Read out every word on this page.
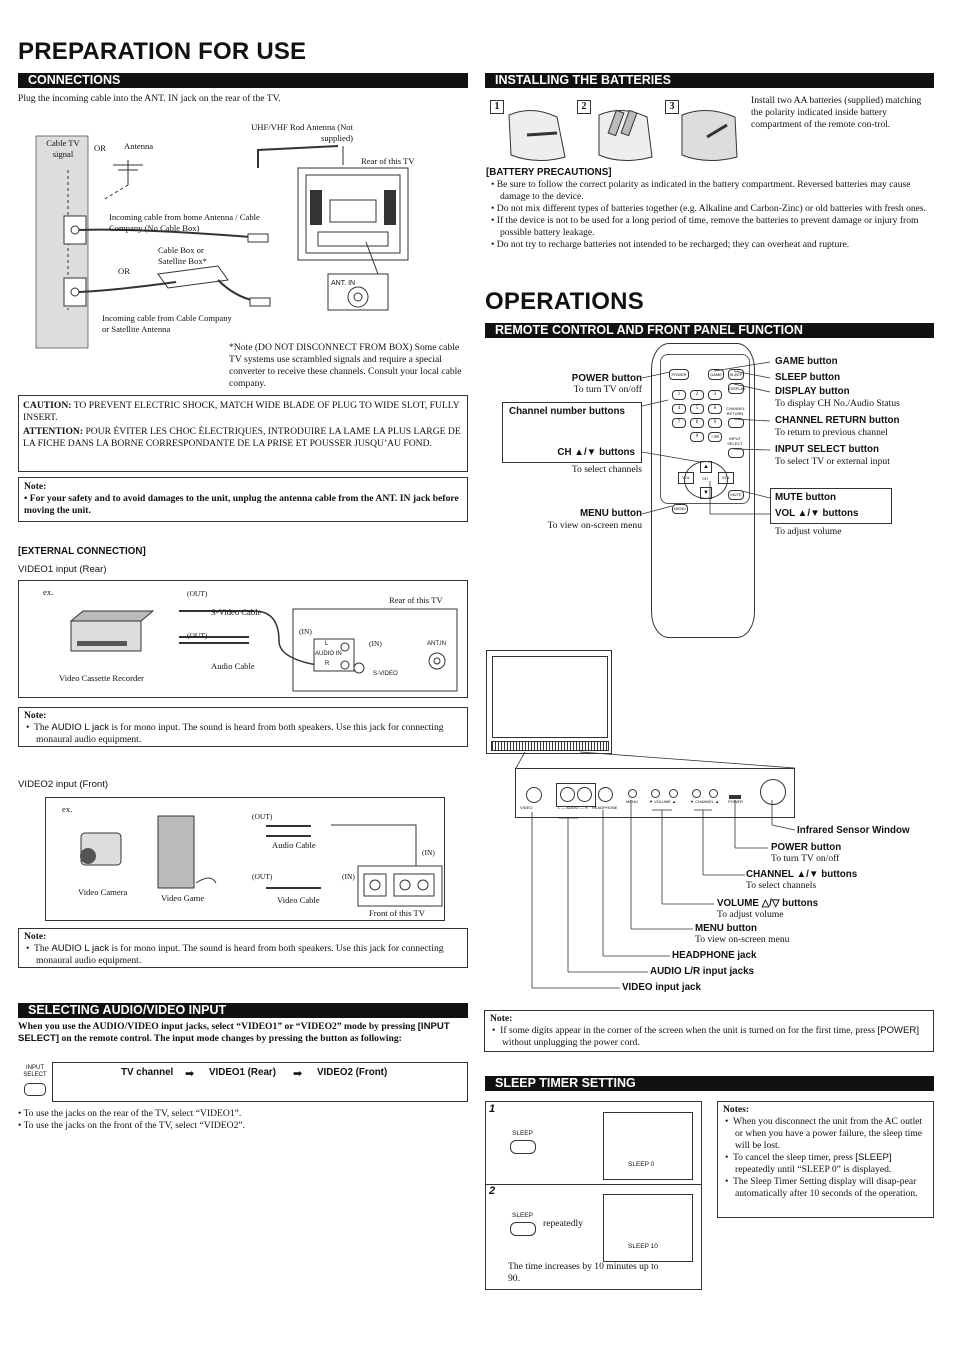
PREPARATION FOR USE
CONNECTIONS
Plug the incoming cable into the ANT. IN jack on the rear of the TV.
Cable TV signal
OR Antenna
UHF/VHF Rod Antenna (Not supplied)
Rear of this TV
Incoming cable from home Antenna / Cable Company (No Cable Box)
Cable Box or Satellite Box*
OR
Incoming cable from Cable Company or Satellite Antenna
ANT. IN
*Note (DO NOT DISCONNECT FROM BOX) Some cable TV systems use scrambled signals and require a special converter to receive these channels. Consult your local cable company.
CAUTION: TO PREVENT ELECTRIC SHOCK, MATCH WIDE BLADE OF PLUG TO WIDE SLOT, FULLY INSERT.
ATTENTION: POUR ÉVITER LES CHOC ÉLECTRIQUES, INTRODUIRE LA LAME LA PLUS LARGE DE LA FICHE DANS LA BORNE CORRESPONDANTE DE LA PRISE ET POUSSER JUSQU’AU FOND.
Note:
• For your safety and to avoid damages to the unit, unplug the antenna cable from the ANT. IN jack before moving the unit.
[EXTERNAL CONNECTION]
VIDEO1 input (Rear)
ex.	(OUT)
S-Video Cable
Rear of this TV
(OUT)	(IN)
(IN)	ANT.IN
Audio Cable
L
AUDIO IN
R
S-VIDEO
Video Cassette Recorder
Note:
•  The AUDIO L jack is for mono input. The sound is heard from both speakers. Use this jack for connecting monaural audio equipment.
VIDEO2 input (Front)
ex.
(OUT)
Audio Cable
(IN)
(OUT)	(IN)
Video Camera
Video Game	Video Cable
Front of this TV
Note:
•  The AUDIO L jack is for mono input. The sound is heard from both speakers. Use this jack for connecting monaural audio equipment.
SELECTING AUDIO/VIDEO INPUT
When you use the AUDIO/VIDEO input jacks, select “VIDEO1” or “VIDEO2” mode by pressing [INPUT SELECT] on the remote control. The input mode changes by pressing the button as following:
INPUT SELECT	TV channel ➡ VIDEO1 (Rear) ➡ VIDEO2 (Front)
• To use the jacks on the rear of the TV, select “VIDEO1”.
• To use the jacks on the front of the TV, select “VIDEO2”.
INSTALLING THE BATTERIES
1	2	3
Install two AA batteries (supplied) matching the polarity indicated inside battery compartment of the remote con-trol.
[BATTERY PRECAUTIONS]
• Be sure to follow the correct polarity as indicated in the battery compartment. Reversed batteries may cause damage to the device.
• Do not mix different types of batteries together (e.g. Alkaline and Carbon-Zinc) or old batteries with fresh ones.
• If the device is not to be used for a long period of time, remove the batteries to prevent damage or injury from possible battery leakage.
• Do not try to recharge batteries not intended to be recharged; they can overheat and rupture.
OPERATIONS
REMOTE CONTROL AND FRONT PANEL FUNCTION
POWER	GAME	SLEEP
DISPLAY
1	2	3
4	5	6	CHANNEL RETURN
7	8	9
0	+100	INPUT SELECT
▲
▼
CH
VOL	VOL
MENU
MUTE
POWER button
To turn TV on/off
Channel number buttons
CH ▲/▼ buttons
To select channels
MENU button
To view on-screen menu
GAME button
SLEEP button
DISPLAY button
To display CH No./Audio Status
CHANNEL RETURN button
To return to previous channel
INPUT SELECT button
To select TV or external input
MUTE button
VOL ▲/▼ buttons
To adjust volume
VIDEO	L — AUDIO — R HEADPHONE
MENU	▼ VOLUME ▲	▼ CHANNEL ▲ POWER
Infrared Sensor Window
POWER button
To turn TV on/off
CHANNEL ▲/▼ buttons
To select channels
VOLUME △/▽ buttons
To adjust volume
MENU button
To view on-screen menu
HEADPHONE jack
AUDIO L/R input jacks
VIDEO input jack
Note:
•  If some digits appear in the corner of the screen when the unit is turned on for the first time, press [POWER] without unplugging the power cord.
SLEEP TIMER SETTING
1
SLEEP
SLEEP 0
2
SLEEP
repeatedly
SLEEP 10
The time increases by 10 minutes up to 90.
Notes:
•  When you disconnect the unit from the AC outlet or when you have a power failure, the sleep time will be lost.
•  To cancel the sleep timer, press [SLEEP] repeatedly until “SLEEP 0” is displayed.
•  The Sleep Timer Setting display will disap-pear automatically after 10 seconds of the operation.
